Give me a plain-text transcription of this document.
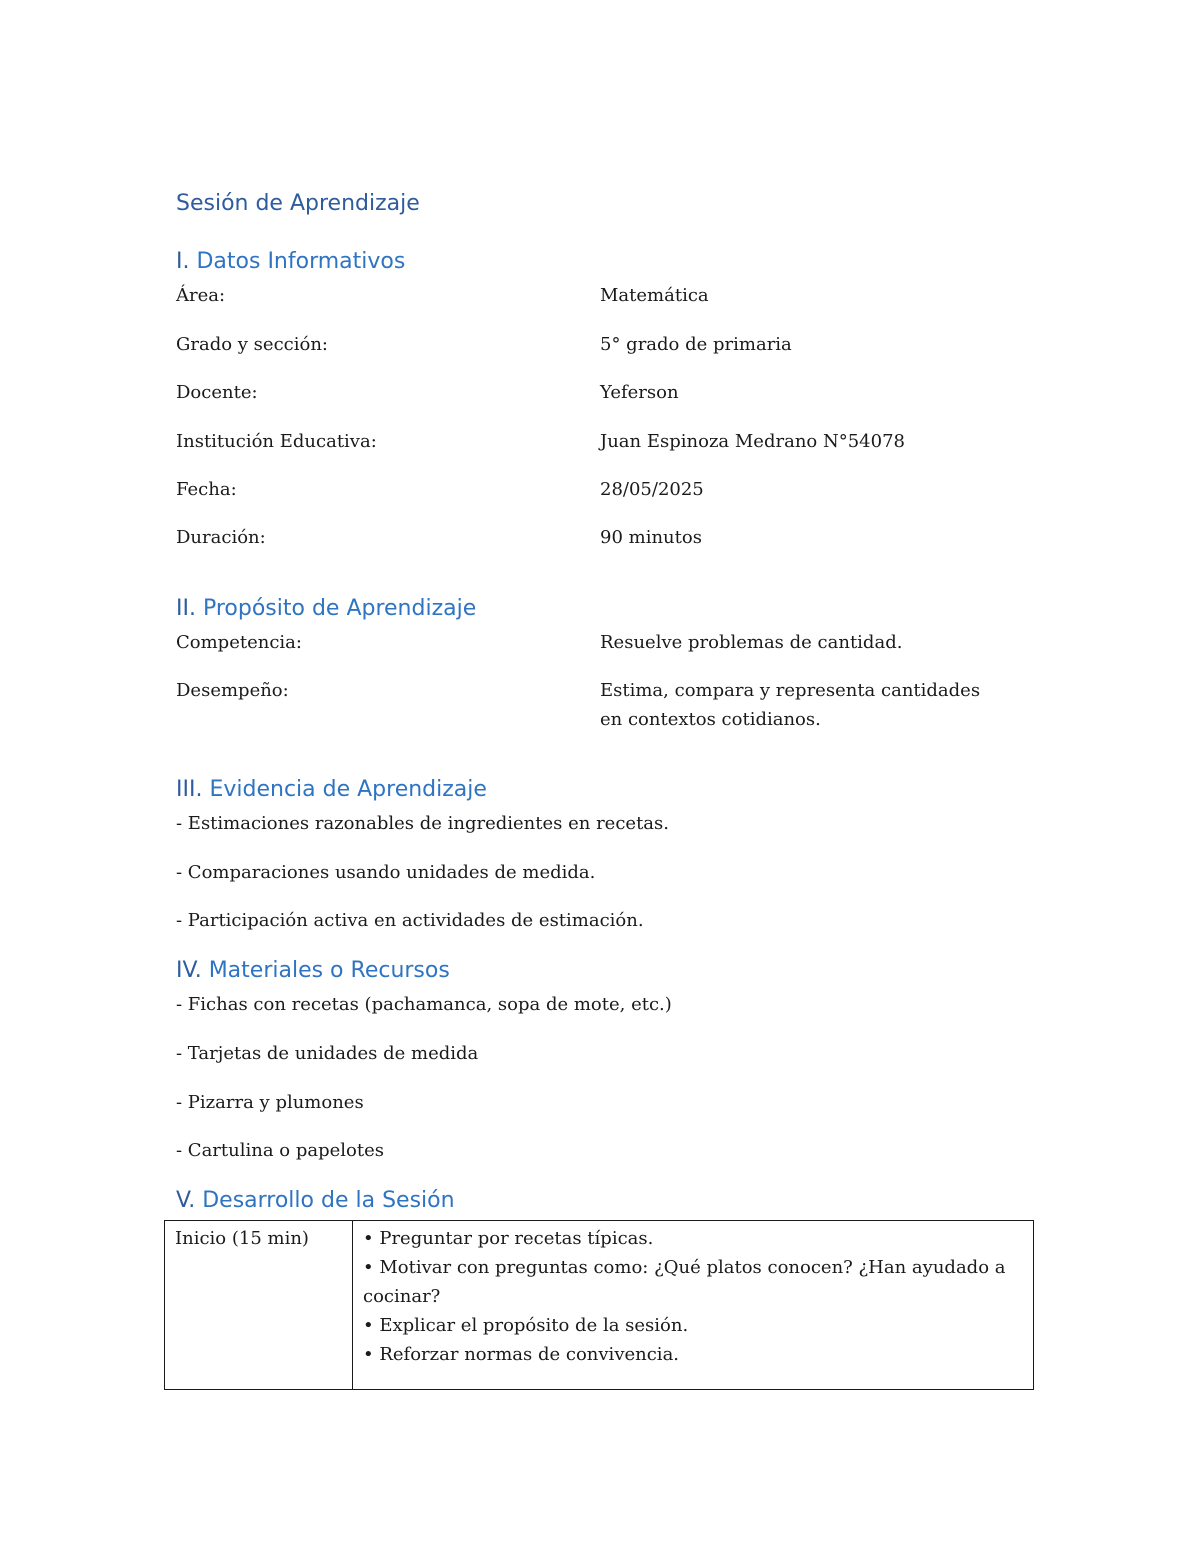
Sesión de Aprendizaje
I. Datos Informativos
Área:	Matemática
Grado y sección:	5° grado de primaria
Docente:	Yeferson
Institución Educativa:	Juan Espinoza Medrano N°54078
Fecha:	28/05/2025
Duración:	90 minutos
II. Propósito de Aprendizaje
Competencia:	Resuelve problemas de cantidad.
Desempeño:	Estima, compara y representa cantidades en contextos cotidianos.
III. Evidencia de Aprendizaje
- Estimaciones razonables de ingredientes en recetas.
- Comparaciones usando unidades de medida.
- Participación activa en actividades de estimación.
IV. Materiales o Recursos
- Fichas con recetas (pachamanca, sopa de mote, etc.)
- Tarjetas de unidades de medida
- Pizarra y plumones
- Cartulina o papelotes
V. Desarrollo de la Sesión
Inicio (15 min)	• Preguntar por recetas típicas.
• Motivar con preguntas como: ¿Qué platos conocen? ¿Han ayudado a cocinar?
• Explicar el propósito de la sesión.
• Reforzar normas de convivencia.
